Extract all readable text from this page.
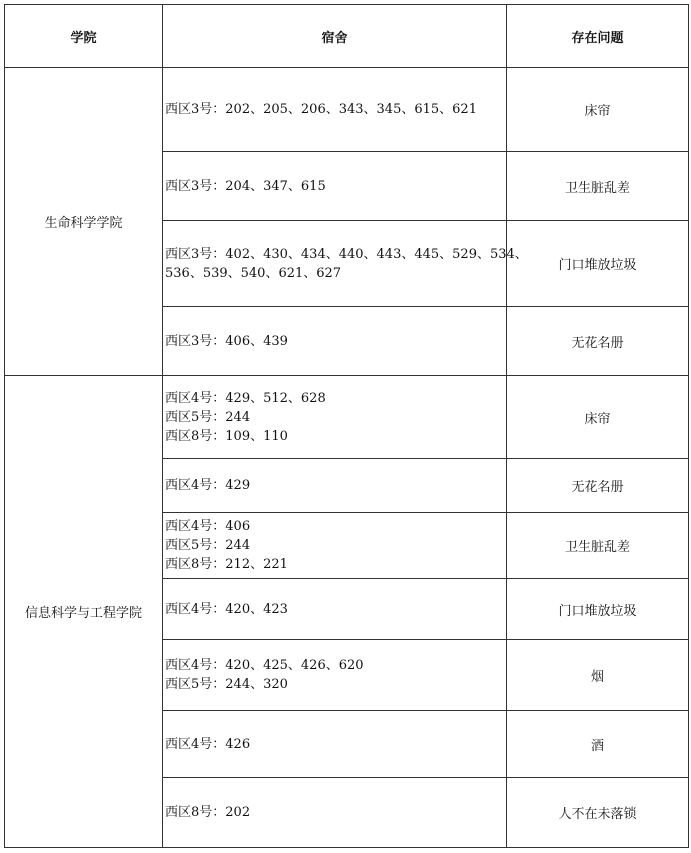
学院	宿舍	存在问题
生命科学学院	西区3号：202、205、206、343、345、615、621	床帘

	西区3号：204、347、615	卫生脏乱差

	西区3号：402、430、434、440、443、445、529、534、
536、539、540、621、627	门口堆放垃圾

	西区3号：406、439	无花名册
信息科学与工程学院	西区4号：429、512、628
西区5号：244
西区8号：109、110	床帘

	西区4号：429	无花名册

	西区4号：406
西区5号：244
西区8号：212、221	卫生脏乱差

	西区4号：420、423	门口堆放垃圾

	西区4号：420、425、426、620
西区5号：244、320	烟

	西区4号：426	酒

	西区8号：202	人不在未落锁
